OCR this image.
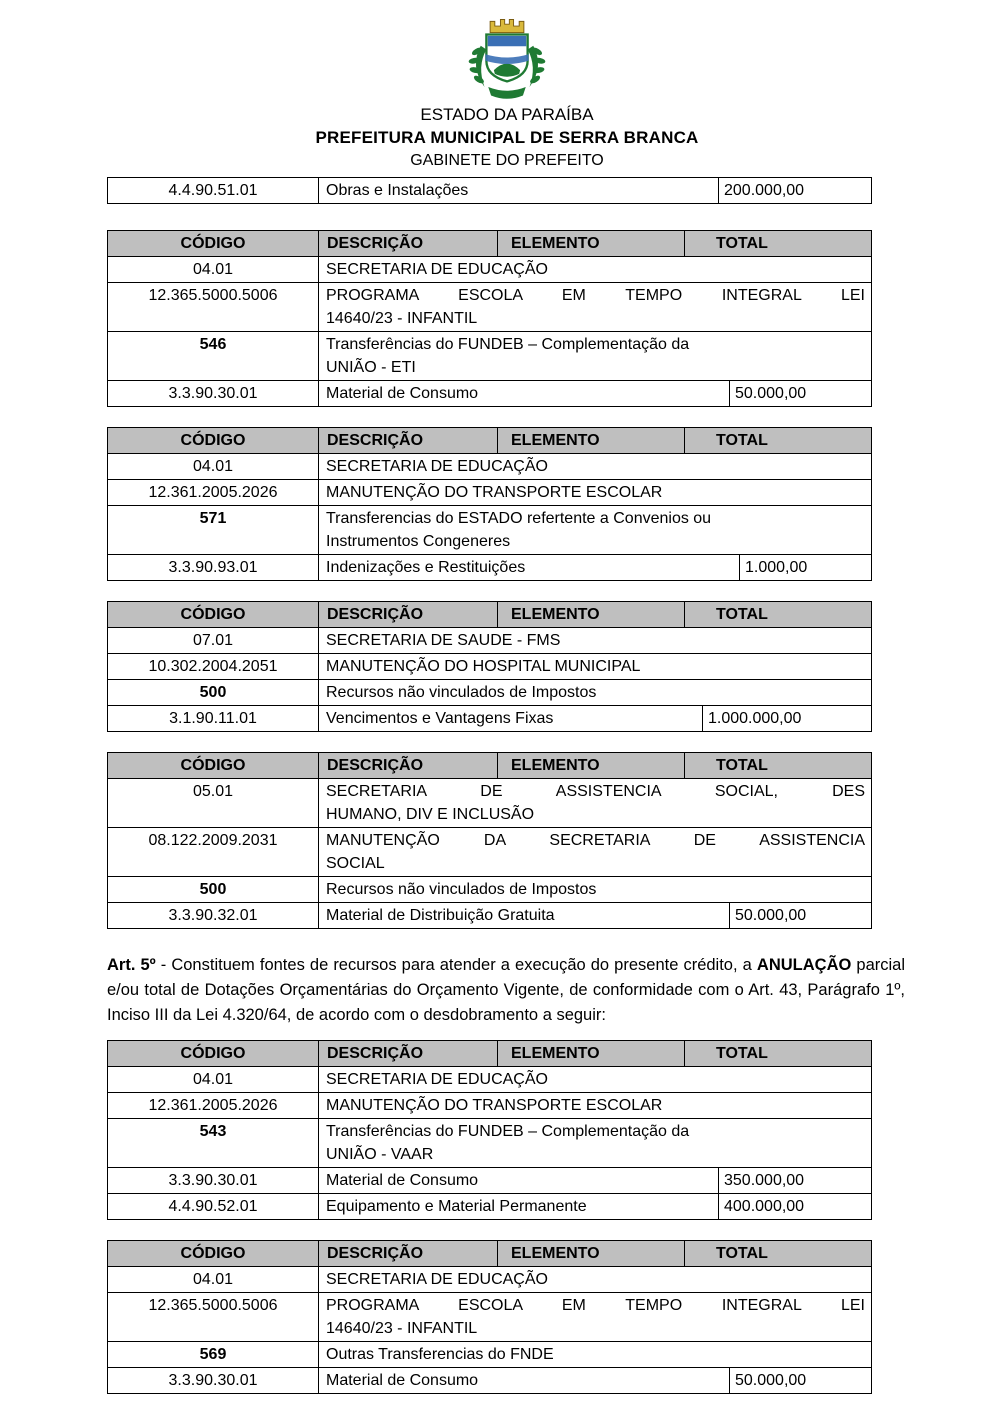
ESTADO DA PARAÍBA
PREFEITURA MUNICIPAL DE SERRA BRANCA
GABINETE DO PREFEITO
4.4.90.51.01	Obras e Instalações	200.000,00
CÓDIGO	DESCRIÇÃO	ELEMENTO	TOTAL
04.01	SECRETARIA DE EDUCAÇÃO
12.365.5000.5006	PROGRAMA ESCOLA EM TEMPO INTEGRAL LEI
14640/23 - INFANTIL
546	Transferências do FUNDEB – Complementação da
UNIÃO - ETI
3.3.90.30.01	Material de Consumo	50.000,00
CÓDIGO	DESCRIÇÃO	ELEMENTO	TOTAL
04.01	SECRETARIA DE EDUCAÇÃO
12.361.2005.2026	MANUTENÇÃO DO TRANSPORTE ESCOLAR
571	Transferencias do ESTADO refertente a Convenios ou
Instrumentos Congeneres
3.3.90.93.01	Indenizações e Restituições	1.000,00
CÓDIGO	DESCRIÇÃO	ELEMENTO	TOTAL
07.01	SECRETARIA DE SAUDE - FMS
10.302.2004.2051	MANUTENÇÃO DO HOSPITAL MUNICIPAL
500	Recursos não vinculados de Impostos
3.1.90.11.01	Vencimentos e Vantagens Fixas	1.000.000,00
CÓDIGO	DESCRIÇÃO	ELEMENTO	TOTAL
05.01	SECRETARIA DE ASSISTENCIA SOCIAL, DES
HUMANO, DIV E INCLUSÃO
08.122.2009.2031	MANUTENÇÃO DA SECRETARIA DE ASSISTENCIA
SOCIAL
500	Recursos não vinculados de Impostos
3.3.90.32.01	Material de Distribuição Gratuita	50.000,00

Art. 5º - Constituem fontes de recursos para atender a execução do presente crédito, a ANULAÇÃO parcial e/ou total de Dotações Orçamentárias do Orçamento Vigente, de conformidade com o Art. 43, Parágrafo 1º, Inciso III da Lei 4.320/64, de acordo com o desdobramento a seguir:

CÓDIGO	DESCRIÇÃO	ELEMENTO	TOTAL
04.01	SECRETARIA DE EDUCAÇÃO
12.361.2005.2026	MANUTENÇÃO DO TRANSPORTE ESCOLAR
543	Transferências do FUNDEB – Complementação da
UNIÃO - VAAR
3.3.90.30.01	Material de Consumo	350.000,00
4.4.90.52.01	Equipamento e Material Permanente	400.000,00
CÓDIGO	DESCRIÇÃO	ELEMENTO	TOTAL
04.01	SECRETARIA DE EDUCAÇÃO
12.365.5000.5006	PROGRAMA ESCOLA EM TEMPO INTEGRAL LEI
14640/23 - INFANTIL
569	Outras Transferencias do FNDE
3.3.90.30.01	Material de Consumo	50.000,00
